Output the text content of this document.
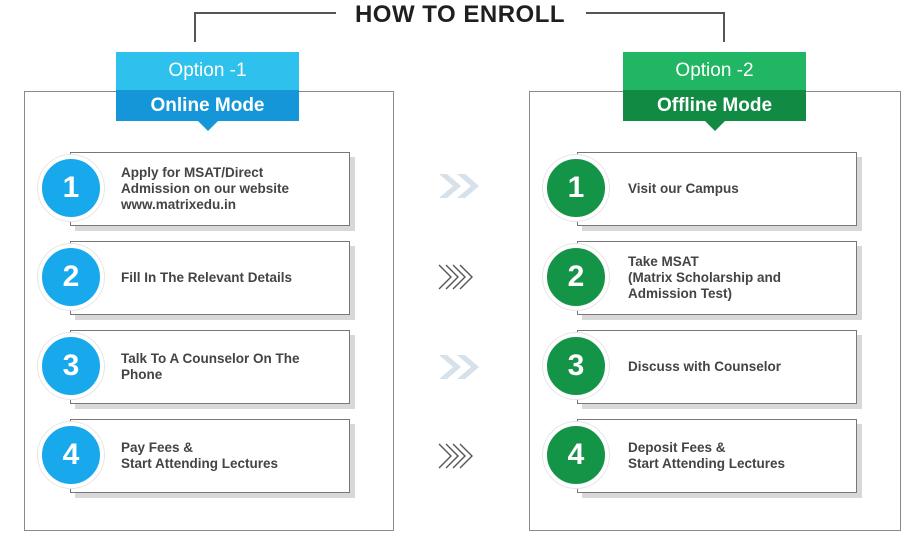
HOW TO ENROLL
Option -1
Online Mode
Option -2
Offline Mode
Apply for MSAT/Direct
Admission on our website
www.matrixedu.in
1
Fill In The Relevant Details
2
Talk To A Counselor On The
Phone
3
Pay Fees &
Start Attending Lectures
4
Visit our Campus
1
Take MSAT
(Matrix Scholarship and
Admission Test)
2
Discuss with Counselor
3
Deposit Fees &
Start Attending Lectures
4
